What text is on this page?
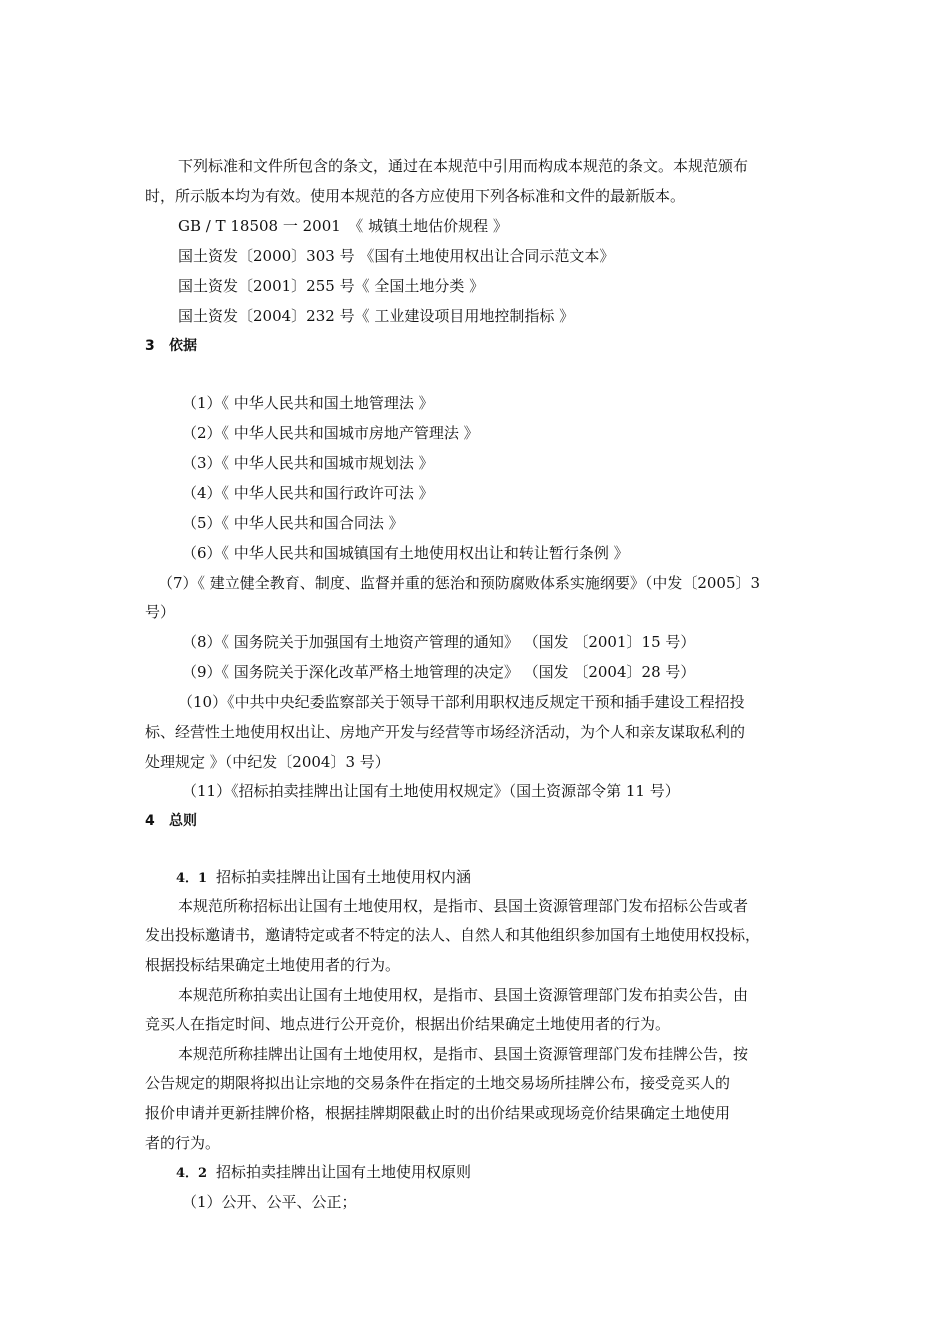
下列标准和文件所包含的条文，通过在本规范中引用而构成本规范的条文。本规范颁布
时，所示版本均为有效。使用本规范的各方应使用下列各标准和文件的最新版本。
GB / T 18508 一 2001　《 城镇土地估价规程 》
国土资发〔2000〕303 号 《国有土地使用权出让合同示范文本》
国土资发〔2001〕255 号《 全国土地分类 》
国土资发〔2004〕232 号《 工业建设项目用地控制指标 》
3 依据
（1）《 中华人民共和国土地管理法 》
（2）《 中华人民共和国城市房地产管理法 》
（3）《 中华人民共和国城市规划法 》
（4）《 中华人民共和国行政许可法 》
（5）《 中华人民共和国合同法 》
（6）《 中华人民共和国城镇国有土地使用权出让和转让暂行条例 》
（7）《 建立健全教育、制度、监督并重的惩治和预防腐败体系实施纲要》（中发〔2005〕3
号）
（8）《 国务院关于加强国有土地资产管理的通知》 （国发 〔2001〕15 号）
（9）《 国务院关于深化改革严格土地管理的决定》 （国发 〔2004〕28 号）
（10）《中共中央纪委监察部关于领导干部利用职权违反规定干预和插手建设工程招投
标、经营性土地使用权出让、房地产开发与经营等市场经济活动，为个人和亲友谋取私利的
处理规定 》（中纪发〔2004〕3 号）
（11）《招标拍卖挂牌出让国有土地使用权规定》（国土资源部令第 11 号）
4 总则
4．1 招标拍卖挂牌出让国有土地使用权内涵
本规范所称招标出让国有土地使用权，是指市、县国土资源管理部门发布招标公告或者
发出投标邀请书，邀请特定或者不特定的法人、自然人和其他组织参加国有土地使用权投标，
根据投标结果确定土地使用者的行为。
本规范所称拍卖出让国有土地使用权，是指市、县国土资源管理部门发布拍卖公告，由
竞买人在指定时间、地点进行公开竞价，根据出价结果确定土地使用者的行为。
本规范所称挂牌出让国有土地使用权，是指市、县国土资源管理部门发布挂牌公告，按
公告规定的期限将拟出让宗地的交易条件在指定的土地交易场所挂牌公布，接受竞买人的
报价申请并更新挂牌价格，根据挂牌期限截止时的出价结果或现场竞价结果确定土地使用
者的行为。
4．2 招标拍卖挂牌出让国有土地使用权原则
（1）公开、公平、公正；
